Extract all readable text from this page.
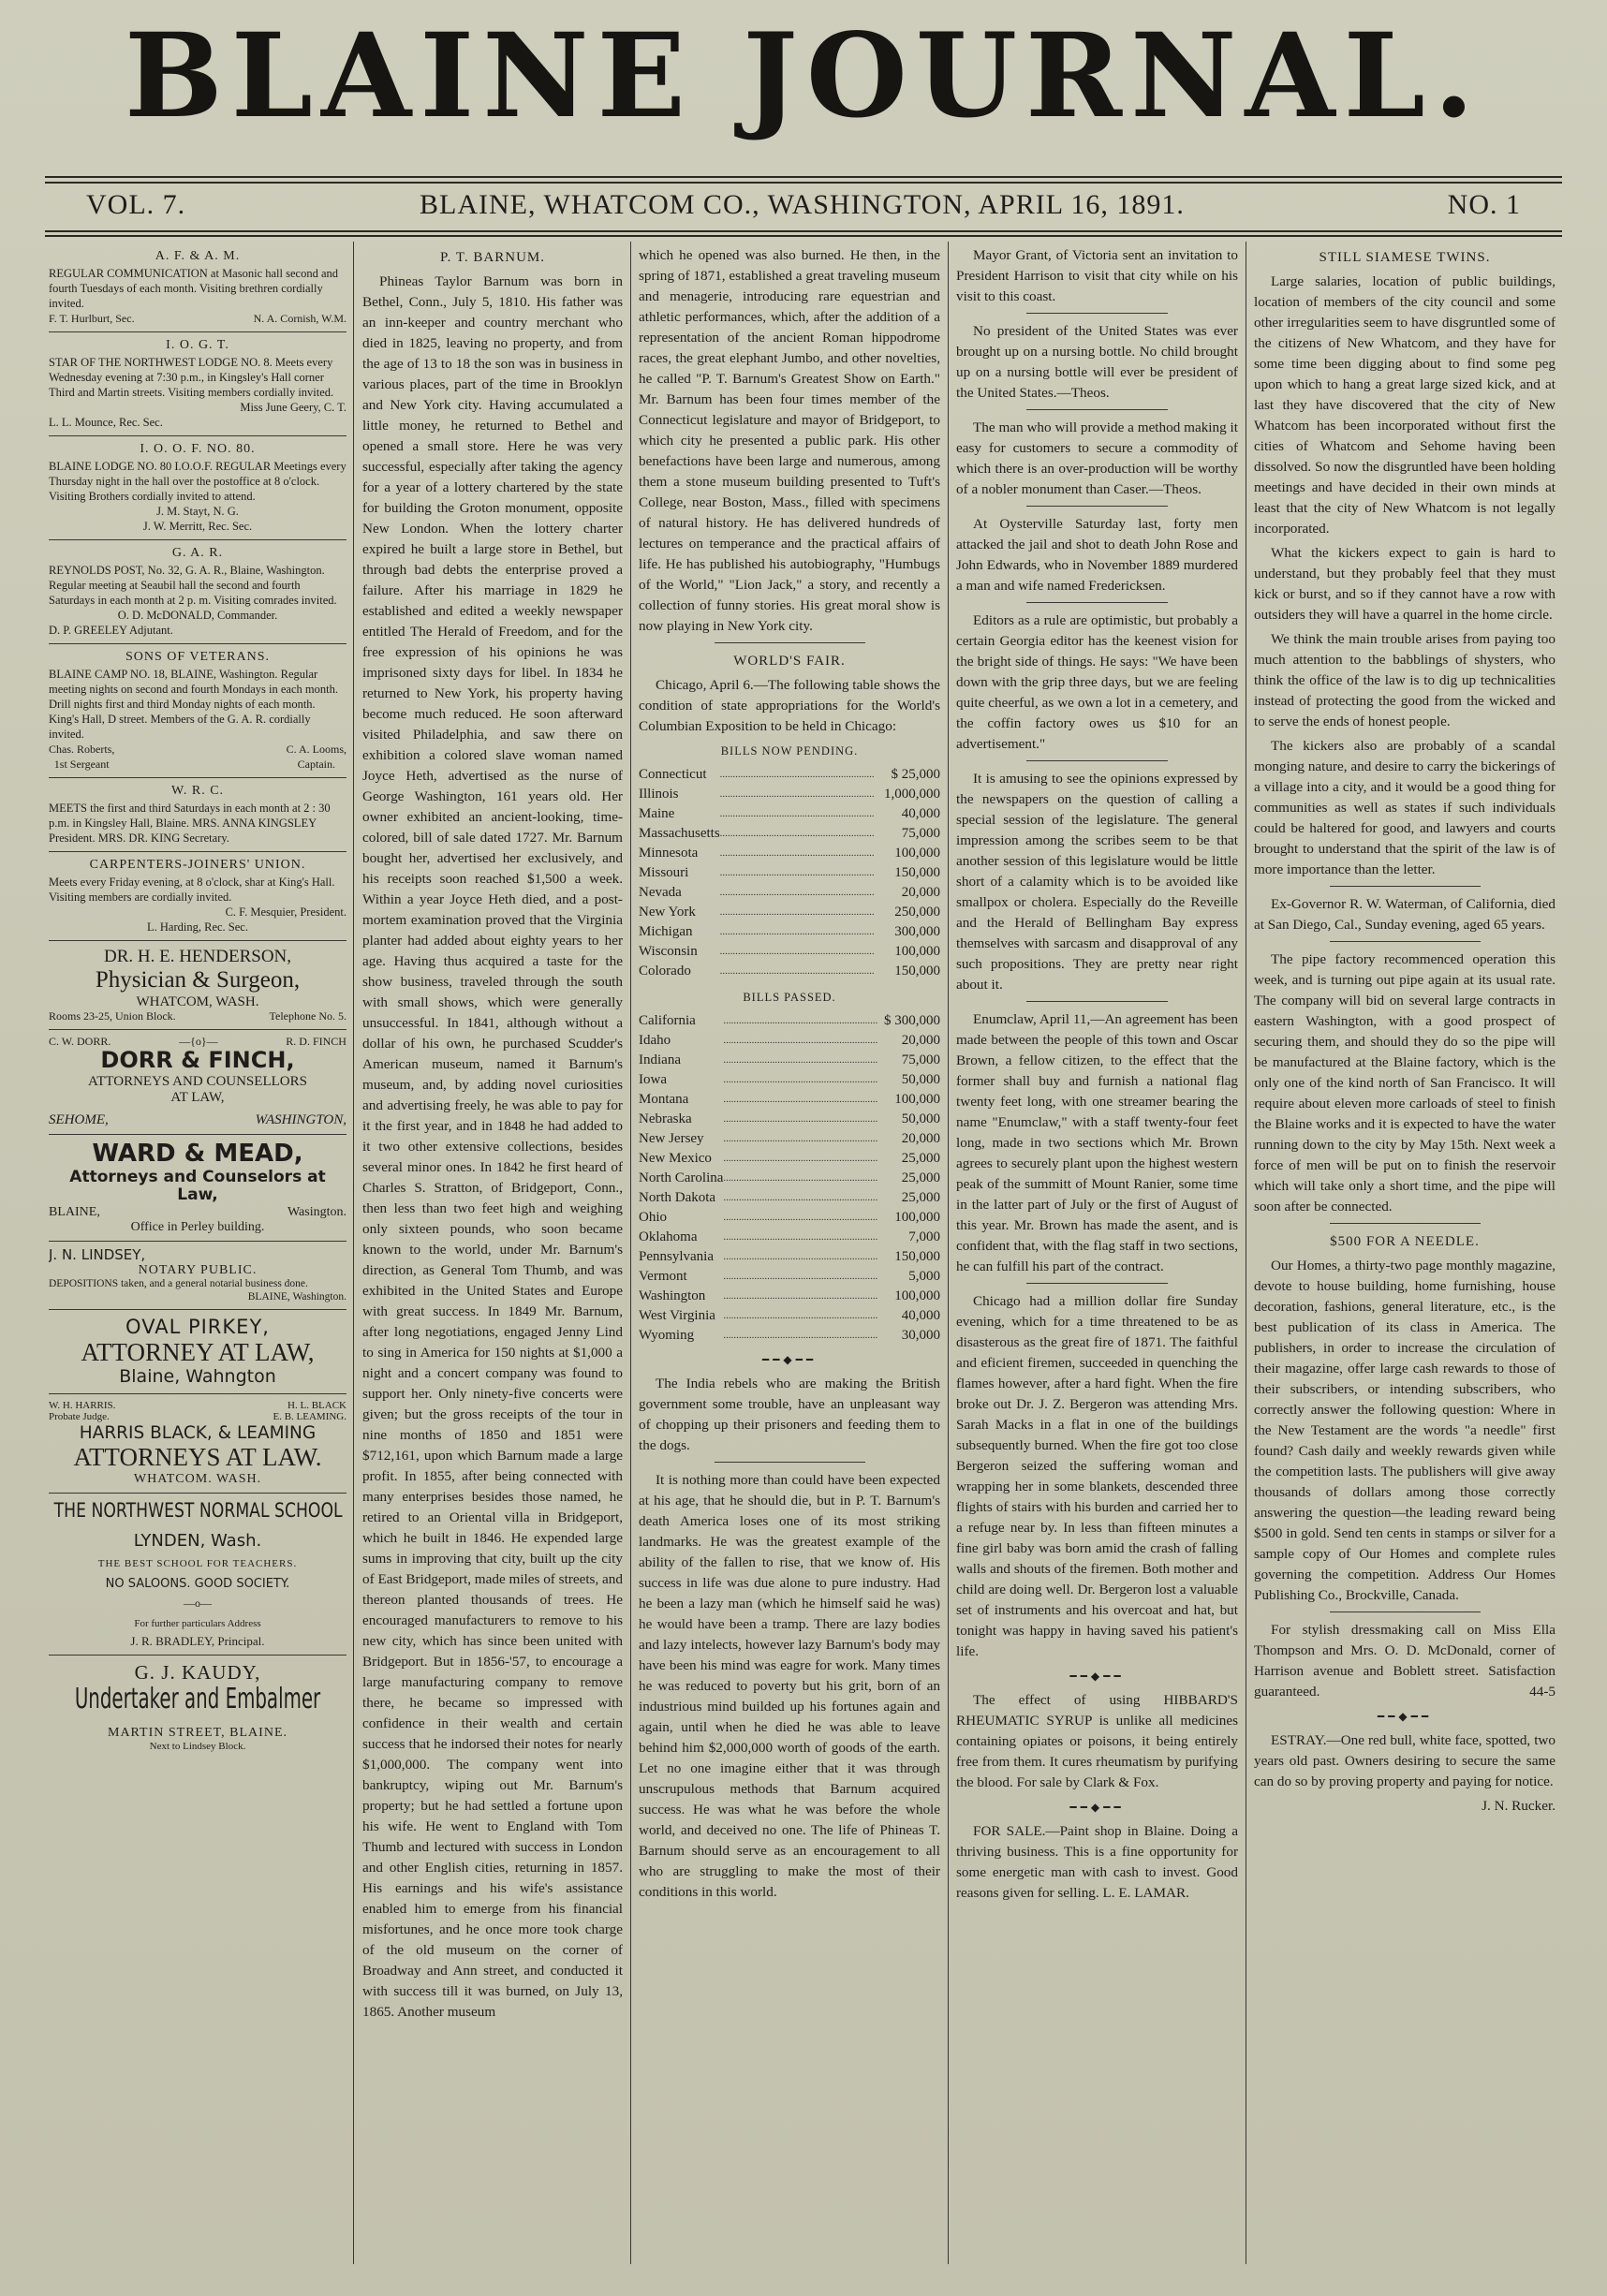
BLAINE JOURNAL.
VOL. 7.	BLAINE, WHATCOM CO., WASHINGTON, APRIL 16, 1891.	NO. 1
A. F. & A. M.

REGULAR COMMUNICATION at Masonic hall second and fourth Tuesdays of each month. Visiting brethren cordially invited.

F. T. Hurlburt, Sec.	N. A. Cornish, W.M.
I. O. G. T.

STAR OF THE NORTHWEST LODGE NO. 8. Meets every Wednesday evening at 7:30 p.m., in Kingsley's Hall corner Third and Martin streets. Visiting members cordially invited.

Miss June Geery, C. T.
L. L. Mounce, Rec. Sec.
I. O. O. F. NO. 80.

BLAINE LODGE NO. 80 I.O.O.F. REGULAR Meetings every Thursday night in the hall over the postoffice at 8 o'clock. Visiting Brothers cordially invited to attend.

J. M. Stayt, N. G.
J. W. Merritt, Rec. Sec.
G. A. R.

REYNOLDS POST, No. 32, G. A. R., Blaine, Washington. Regular meeting at Seaubil hall the second and fourth Saturdays in each month at 2 p. m. Visiting comrades invited.

O. D. McDONALD, Commander.
D. P. GREELEY Adjutant.
SONS OF VETERANS.

BLAINE CAMP NO. 18, BLAINE, Washington. Regular meeting nights on second and fourth Mondays in each month. Drill nights first and third Monday nights of each month. King's Hall, D street. Members of the G. A. R. cordially invited.

Chas. Roberts,
1st Sergeant
C. A. Looms,
Captain.
W. R. C.

MEETS the first and third Saturdays in each month at 2 : 30 p.m. in Kingsley Hall, Blaine. MRS. ANNA KINGSLEY President. MRS. DR. KING Secretary.

CARPENTERS-JOINERS' UNION.

Meets every Friday evening, at 8 o'clock, shar at King's Hall. Visiting members are cordially invited.

C. F. Mesquier, President.
L. Harding, Rec. Sec.
DR. H. E. HENDERSON,
Physician & Surgeon,
WHATCOM, WASH.
Rooms 23-25, Union Block.	Telephone No. 5.
C. W. DORR.	—{o}—	R. D. FINCH
DORR & FINCH,
ATTORNEYS AND COUNSELLORS
AT LAW,
SEHOME,	WASHINGTON,
WARD & MEAD,
Attorneys and Counselors at Law,
BLAINE,	Wasington.
Office in Perley building.
J. N. LINDSEY,
NOTARY PUBLIC.
DEPOSITIONS taken, and a general notarial business done.
BLAINE, Washington.
OVAL PIRKEY,
ATTORNEY AT LAW,
Blaine, Wahngton
W. H. HARRIS.	H. L. BLACK
Probate Judge.	E. B. LEAMING.
HARRIS BLACK, & LEAMING
ATTORNEYS AT LAW.
WHATCOM. WASH.
THE NORTHWEST NORMAL SCHOOL
LYNDEN, Wash.
THE BEST SCHOOL FOR TEACHERS.
NO SALOONS. GOOD SOCIETY.
—o—
For further particulars Address
J. R. BRADLEY, Principal.
G. J. KAUDY,
Undertaker and Embalmer
MARTIN STREET, BLAINE.
Next to Lindsey Block.
P. T. BARNUM.

Phineas Taylor Barnum was born in Bethel, Conn., July 5, 1810. His father was an inn-keeper and country merchant who died in 1825, leaving no property, and from the age of 13 to 18 the son was in business in various places, part of the time in Brooklyn and New York city. Having accumulated a little money, he returned to Bethel and opened a small store. Here he was very successful, especially after taking the agency for a year of a lottery chartered by the state for building the Groton monument, opposite New London. When the lottery charter expired he built a large store in Bethel, but through bad debts the enterprise proved a failure. After his marriage in 1829 he established and edited a weekly newspaper entitled The Herald of Freedom, and for the free expression of his opinions he was imprisoned sixty days for libel. In 1834 he returned to New York, his property having become much reduced. He soon afterward visited Philadelphia, and saw there on exhibition a colored slave woman named Joyce Heth, advertised as the nurse of George Washington, 161 years old. Her owner exhibited an ancient-looking, time-colored, bill of sale dated 1727. Mr. Barnum bought her, advertised her exclusively, and his receipts soon reached $1,500 a week. Within a year Joyce Heth died, and a post-mortem examination proved that the Virginia planter had added about eighty years to her age. Having thus acquired a taste for the show business, traveled through the south with small shows, which were generally unsuccessful. In 1841, although without a dollar of his own, he purchased Scudder's American museum, named it Barnum's museum, and, by adding novel curiosities and advertising freely, he was able to pay for it the first year, and in 1848 he had added to it two other extensive collections, besides several minor ones. In 1842 he first heard of Charles S. Stratton, of Bridgeport, Conn., then less than two feet high and weighing only sixteen pounds, who soon became known to the world, under Mr. Barnum's direction, as General Tom Thumb, and was exhibited in the United States and Europe with great success. In 1849 Mr. Barnum, after long negotiations, engaged Jenny Lind to sing in America for 150 nights at $1,000 a night and a concert company was found to support her. Only ninety-five concerts were given; but the gross receipts of the tour in nine months of 1850 and 1851 were $712,161, upon which Barnum made a large profit. In 1855, after being connected with many enterprises besides those named, he retired to an Oriental villa in Bridgeport, which he built in 1846. He expended large sums in improving that city, built up the city of East Bridgeport, made miles of streets, and thereon planted thousands of trees. He encouraged manufacturers to remove to his new city, which has since been united with Bridgeport. But in 1856-'57, to encourage a large manufacturing company to remove there, he became so impressed with confidence in their wealth and certain success that he indorsed their notes for nearly $1,000,000. The company went into bankruptcy, wiping out Mr. Barnum's property; but he had settled a fortune upon his wife. He went to England with Tom Thumb and lectured with success in London and other English cities, returning in 1857. His earnings and his wife's assistance enabled him to emerge from his financial misfortunes, and he once more took charge of the old museum on the corner of Broadway and Ann street, and conducted it with success till it was burned, on July 13, 1865. Another museum

which he opened was also burned. He then, in the spring of 1871, established a great traveling museum and menagerie, introducing rare equestrian and athletic performances, which, after the addition of a representation of the ancient Roman hippodrome races, the great elephant Jumbo, and other novelties, he called "P. T. Barnum's Greatest Show on Earth." Mr. Barnum has been four times member of the Connecticut legislature and mayor of Bridgeport, to which city he presented a public park. His other benefactions have been large and numerous, among them a stone museum building presented to Tuft's College, near Boston, Mass., filled with specimens of natural history. He has delivered hundreds of lectures on temperance and the practical affairs of life. He has published his autobiography, "Humbugs of the World," "Lion Jack," a story, and recently a collection of funny stories. His great moral show is now playing in New York city.

WORLD'S FAIR.

Chicago, April 6.—The following table shows the condition of state appropriations for the World's Columbian Exposition to be held in Chicago:

BILLS NOW PENDING.
Connecticut	............................................................	$ 25,000
Illinois	............................................................	1,000,000
Maine	............................................................	40,000
Massachusetts	............................................................	75,000
Minnesota	............................................................	100,000
Missouri	............................................................	150,000
Nevada	............................................................	20,000
New York	............................................................	250,000
Michigan	............................................................	300,000
Wisconsin	............................................................	100,000
Colorado	............................................................	150,000
BILLS PASSED.
California	............................................................	$ 300,000
Idaho	............................................................	20,000
Indiana	............................................................	75,000
Iowa	............................................................	50,000
Montana	............................................................	100,000
Nebraska	............................................................	50,000
New Jersey	............................................................	20,000
New Mexico	............................................................	25,000
North Carolina	............................................................	25,000
North Dakota	............................................................	25,000
Ohio	............................................................	100,000
Oklahoma	............................................................	7,000
Pennsylvania	............................................................	150,000
Vermont	............................................................	5,000
Washington	............................................................	100,000
West Virginia	............................................................	40,000
Wyoming	............................................................	30,000
━━◆━━

The India rebels who are making the British government some trouble, have an unpleasant way of chopping up their prisoners and feeding them to the dogs.

It is nothing more than could have been expected at his age, that he should die, but in P. T. Barnum's death America loses one of its most striking landmarks. He was the greatest example of the ability of the fallen to rise, that we know of. His success in life was due alone to pure industry. Had he been a lazy man (which he himself said he was) he would have been a tramp. There are lazy bodies and lazy intelects, however lazy Barnum's body may have been his mind was eagre for work. Many times he was reduced to poverty but his grit, born of an industrious mind builded up his fortunes again and again, until when he died he was able to leave behind him $2,000,000 worth of goods of the earth. Let no one imagine either that it was through unscrupulous methods that Barnum acquired success. He was what he was before the whole world, and deceived no one. The life of Phineas T. Barnum should serve as an encouragement to all who are struggling to make the most of their conditions in this world.

Mayor Grant, of Victoria sent an invitation to President Harrison to visit that city while on his visit to this coast.

No president of the United States was ever brought up on a nursing bottle. No child brought up on a nursing bottle will ever be president of the United States.—Theos.

The man who will provide a method making it easy for customers to secure a commodity of which there is an over-production will be worthy of a nobler monument than Caser.—Theos.

At Oysterville Saturday last, forty men attacked the jail and shot to death John Rose and John Edwards, who in November 1889 murdered a man and wife named Fredericksen.

Editors as a rule are optimistic, but probably a certain Georgia editor has the keenest vision for the bright side of things. He says: "We have been down with the grip three days, but we are feeling quite cheerful, as we own a lot in a cemetery, and the coffin factory owes us $10 for an advertisement."

It is amusing to see the opinions expressed by the newspapers on the question of calling a special session of the legislature. The general impression among the scribes seem to be that another session of this legislature would be little short of a calamity which is to be avoided like smallpox or cholera. Especially do the Reveille and the Herald of Bellingham Bay express themselves with sarcasm and disapproval of any such propositions. They are pretty near right about it.

Enumclaw, April 11,—An agreement has been made between the people of this town and Oscar Brown, a fellow citizen, to the effect that the former shall buy and furnish a national flag twenty feet long, with one streamer bearing the name "Enumclaw," with a staff twenty-four feet long, made in two sections which Mr. Brown agrees to securely plant upon the highest western peak of the summitt of Mount Ranier, some time in the latter part of July or the first of August of this year. Mr. Brown has made the asent, and is confident that, with the flag staff in two sections, he can fulfill his part of the contract.

Chicago had a million dollar fire Sunday evening, which for a time threatened to be as disasterous as the great fire of 1871. The faithful and eficient firemen, succeeded in quenching the flames however, after a hard fight. When the fire broke out Dr. J. Z. Bergeron was attending Mrs. Sarah Macks in a flat in one of the buildings subsequently burned. When the fire got too close Bergeron seized the suffering woman and wrapping her in some blankets, descended three flights of stairs with his burden and carried her to a refuge near by. In less than fifteen minutes a fine girl baby was born amid the crash of falling walls and shouts of the firemen. Both mother and child are doing well. Dr. Bergeron lost a valuable set of instruments and his overcoat and hat, but tonight was happy in having saved his patient's life.

━━◆━━

The effect of using HIBBARD'S RHEUMATIC SYRUP is unlike all medicines containing opiates or poisons, it being entirely free from them. It cures rheumatism by purifying the blood. For sale by Clark & Fox.

━━◆━━

FOR SALE.—Paint shop in Blaine. Doing a thriving business. This is a fine opportunity for some energetic man with cash to invest. Good reasons given for selling. L. E. LAMAR.

STILL SIAMESE TWINS.

Large salaries, location of public buildings, location of members of the city council and some other irregularities seem to have disgruntled some of the citizens of New Whatcom, and they have for some time been digging about to find some peg upon which to hang a great large sized kick, and at last they have discovered that the city of New Whatcom has been incorporated without first the cities of Whatcom and Sehome having been dissolved. So now the disgruntled have been holding meetings and have decided in their own minds at least that the city of New Whatcom is not legally incorporated.

What the kickers expect to gain is hard to understand, but they probably feel that they must kick or burst, and so if they cannot have a row with outsiders they will have a quarrel in the home circle.

We think the main trouble arises from paying too much attention to the babblings of shysters, who think the office of the law is to dig up technicalities instead of protecting the good from the wicked and to serve the ends of honest people.

The kickers also are probably of a scandal monging nature, and desire to carry the bickerings of a village into a city, and it would be a good thing for communities as well as states if such individuals could be haltered for good, and lawyers and courts brought to understand that the spirit of the law is of more importance than the letter.

Ex-Governor R. W. Waterman, of California, died at San Diego, Cal., Sunday evening, aged 65 years.

The pipe factory recommenced operation this week, and is turning out pipe again at its usual rate. The company will bid on several large contracts in eastern Washington, with a good prospect of securing them, and should they do so the pipe will be manufactured at the Blaine factory, which is the only one of the kind north of San Francisco. It will require about eleven more carloads of steel to finish the Blaine works and it is expected to have the water running down to the city by May 15th. Next week a force of men will be put on to finish the reservoir which will take only a short time, and the pipe will soon after be connected.

$500 FOR A NEEDLE.

Our Homes, a thirty-two page monthly magazine, devote to house building, home furnishing, house decoration, fashions, general literature, etc., is the best publication of its class in America. The publishers, in order to increase the circulation of their magazine, offer large cash rewards to those of their subscribers, or intending subscribers, who correctly answer the following question: Where in the New Testament are the words "a needle" first found? Cash daily and weekly rewards given while the competition lasts. The publishers will give away thousands of dollars among those correctly answering the question—the leading reward being $500 in gold. Send ten cents in stamps or silver for a sample copy of Our Homes and complete rules governing the competition. Address Our Homes Publishing Co., Brockville, Canada.

For stylish dressmaking call on Miss Ella Thompson and Mrs. O. D. McDonald, corner of Harrison avenue and Boblett street. Satisfaction guaranteed.	44-5

━━◆━━

ESTRAY.—One red bull, white face, spotted, two years old past. Owners desiring to secure the same can do so by proving property and paying for notice.

J. N. Rucker.
